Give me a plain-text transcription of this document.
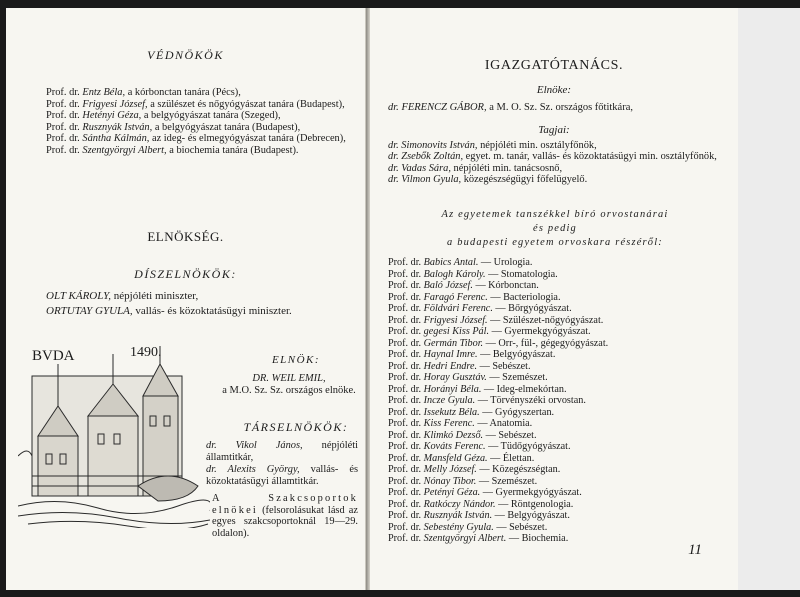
VÉDNÖKÖK
Prof. dr. Entz Béla, a kórbonctan tanára (Pécs),
Prof. dr. Frigyesi József, a szülészet és nőgyógyászat tanára (Budapest),
Prof. dr. Hetényi Géza, a belgyógyászat tanára (Szeged),
Prof. dr. Rusznyák István, a belgyógyászat tanára (Budapest),
Prof. dr. Sántha Kálmán, az ideg- és elmegyógyászat tanára (Debrecen),
Prof. dr. Szentgyörgyi Albert, a biochemia tanára (Budapest).
ELNÖKSÉG.
DÍSZELNÖKÖK:
OLT KÁROLY, népjóléti miniszter,
ORTUTAY GYULA, vallás- és közoktatásügyi miniszter.
BVDA	1490.	ELNÖK:
DR. WEIL EMIL,
a M.O. Sz. Sz. országos elnöke.
TÁRSELNÖKÖK:
dr. Vikol János, népjóléti államtitkár,
dr. Alexits György, vallás- és közoktatásügyi államtitkár.
A Szakcsoportok elnökei (felsorolásukat lásd az egyes szakcsoportoknál 19—29. oldalon).
IGAZGATÓTANÁCS.
Elnöke:
dr. FERENCZ GÁBOR, a M. O. Sz. Sz. országos főtitkára,
Tagjai:
dr. Simonovits István, népjóléti min. osztályfőnök,
dr. Zsebők Zoltán, egyet. m. tanár, vallás- és közoktatásügyi min. osztályfőnök,
dr. Vadas Sára, népjóléti min. tanácsosnő,
dr. Vilmon Gyula, közegészségügyi főfelügyelő.
Az egyetemek tanszékkel bíró orvostanárai
és pedig
a budapesti egyetem orvoskara részéről:
Prof. dr. Babics Antal. — Urologia.
Prof. dr. Balogh Károly. — Stomatologia.
Prof. dr. Baló József. — Kórbonctan.
Prof. dr. Faragó Ferenc. — Bacteriologia.
Prof. dr. Földvári Ferenc. — Bőrgyógyászat.
Prof. dr. Frigyesi József. — Szülészet-nőgyógyászat.
Prof. dr. gegesi Kiss Pál. — Gyermekgyógyászat.
Prof. dr. Germán Tibor. — Orr-, fül-, gégegyógyászat.
Prof. dr. Haynal Imre. — Belgyógyászat.
Prof. dr. Hedri Endre. — Sebészet.
Prof. dr. Horay Gusztáv. — Szemészet.
Prof. dr. Horányi Béla. — Ideg-elmekórtan.
Prof. dr. Incze Gyula. — Törvényszéki orvostan.
Prof. dr. Issekutz Béla. — Gyógyszertan.
Prof. dr. Kiss Ferenc. — Anatomia.
Prof. dr. Klimkó Dezső. — Sebészet.
Prof. dr. Kováts Ferenc. — Tüdőgyógyászat.
Prof. dr. Mansfeld Géza. — Élettan.
Prof. dr. Melly József. — Közegészségtan.
Prof. dr. Nónay Tibor. — Szemészet.
Prof. dr. Petényi Géza. — Gyermekgyógyászat.
Prof. dr. Ratkóczy Nándor. — Röntgenologia.
Prof. dr. Rusznyák István. — Belgyógyászat.
Prof. dr. Sebestény Gyula. — Sebészet.
Prof. dr. Szentgyörgyi Albert. — Biochemia.
11
